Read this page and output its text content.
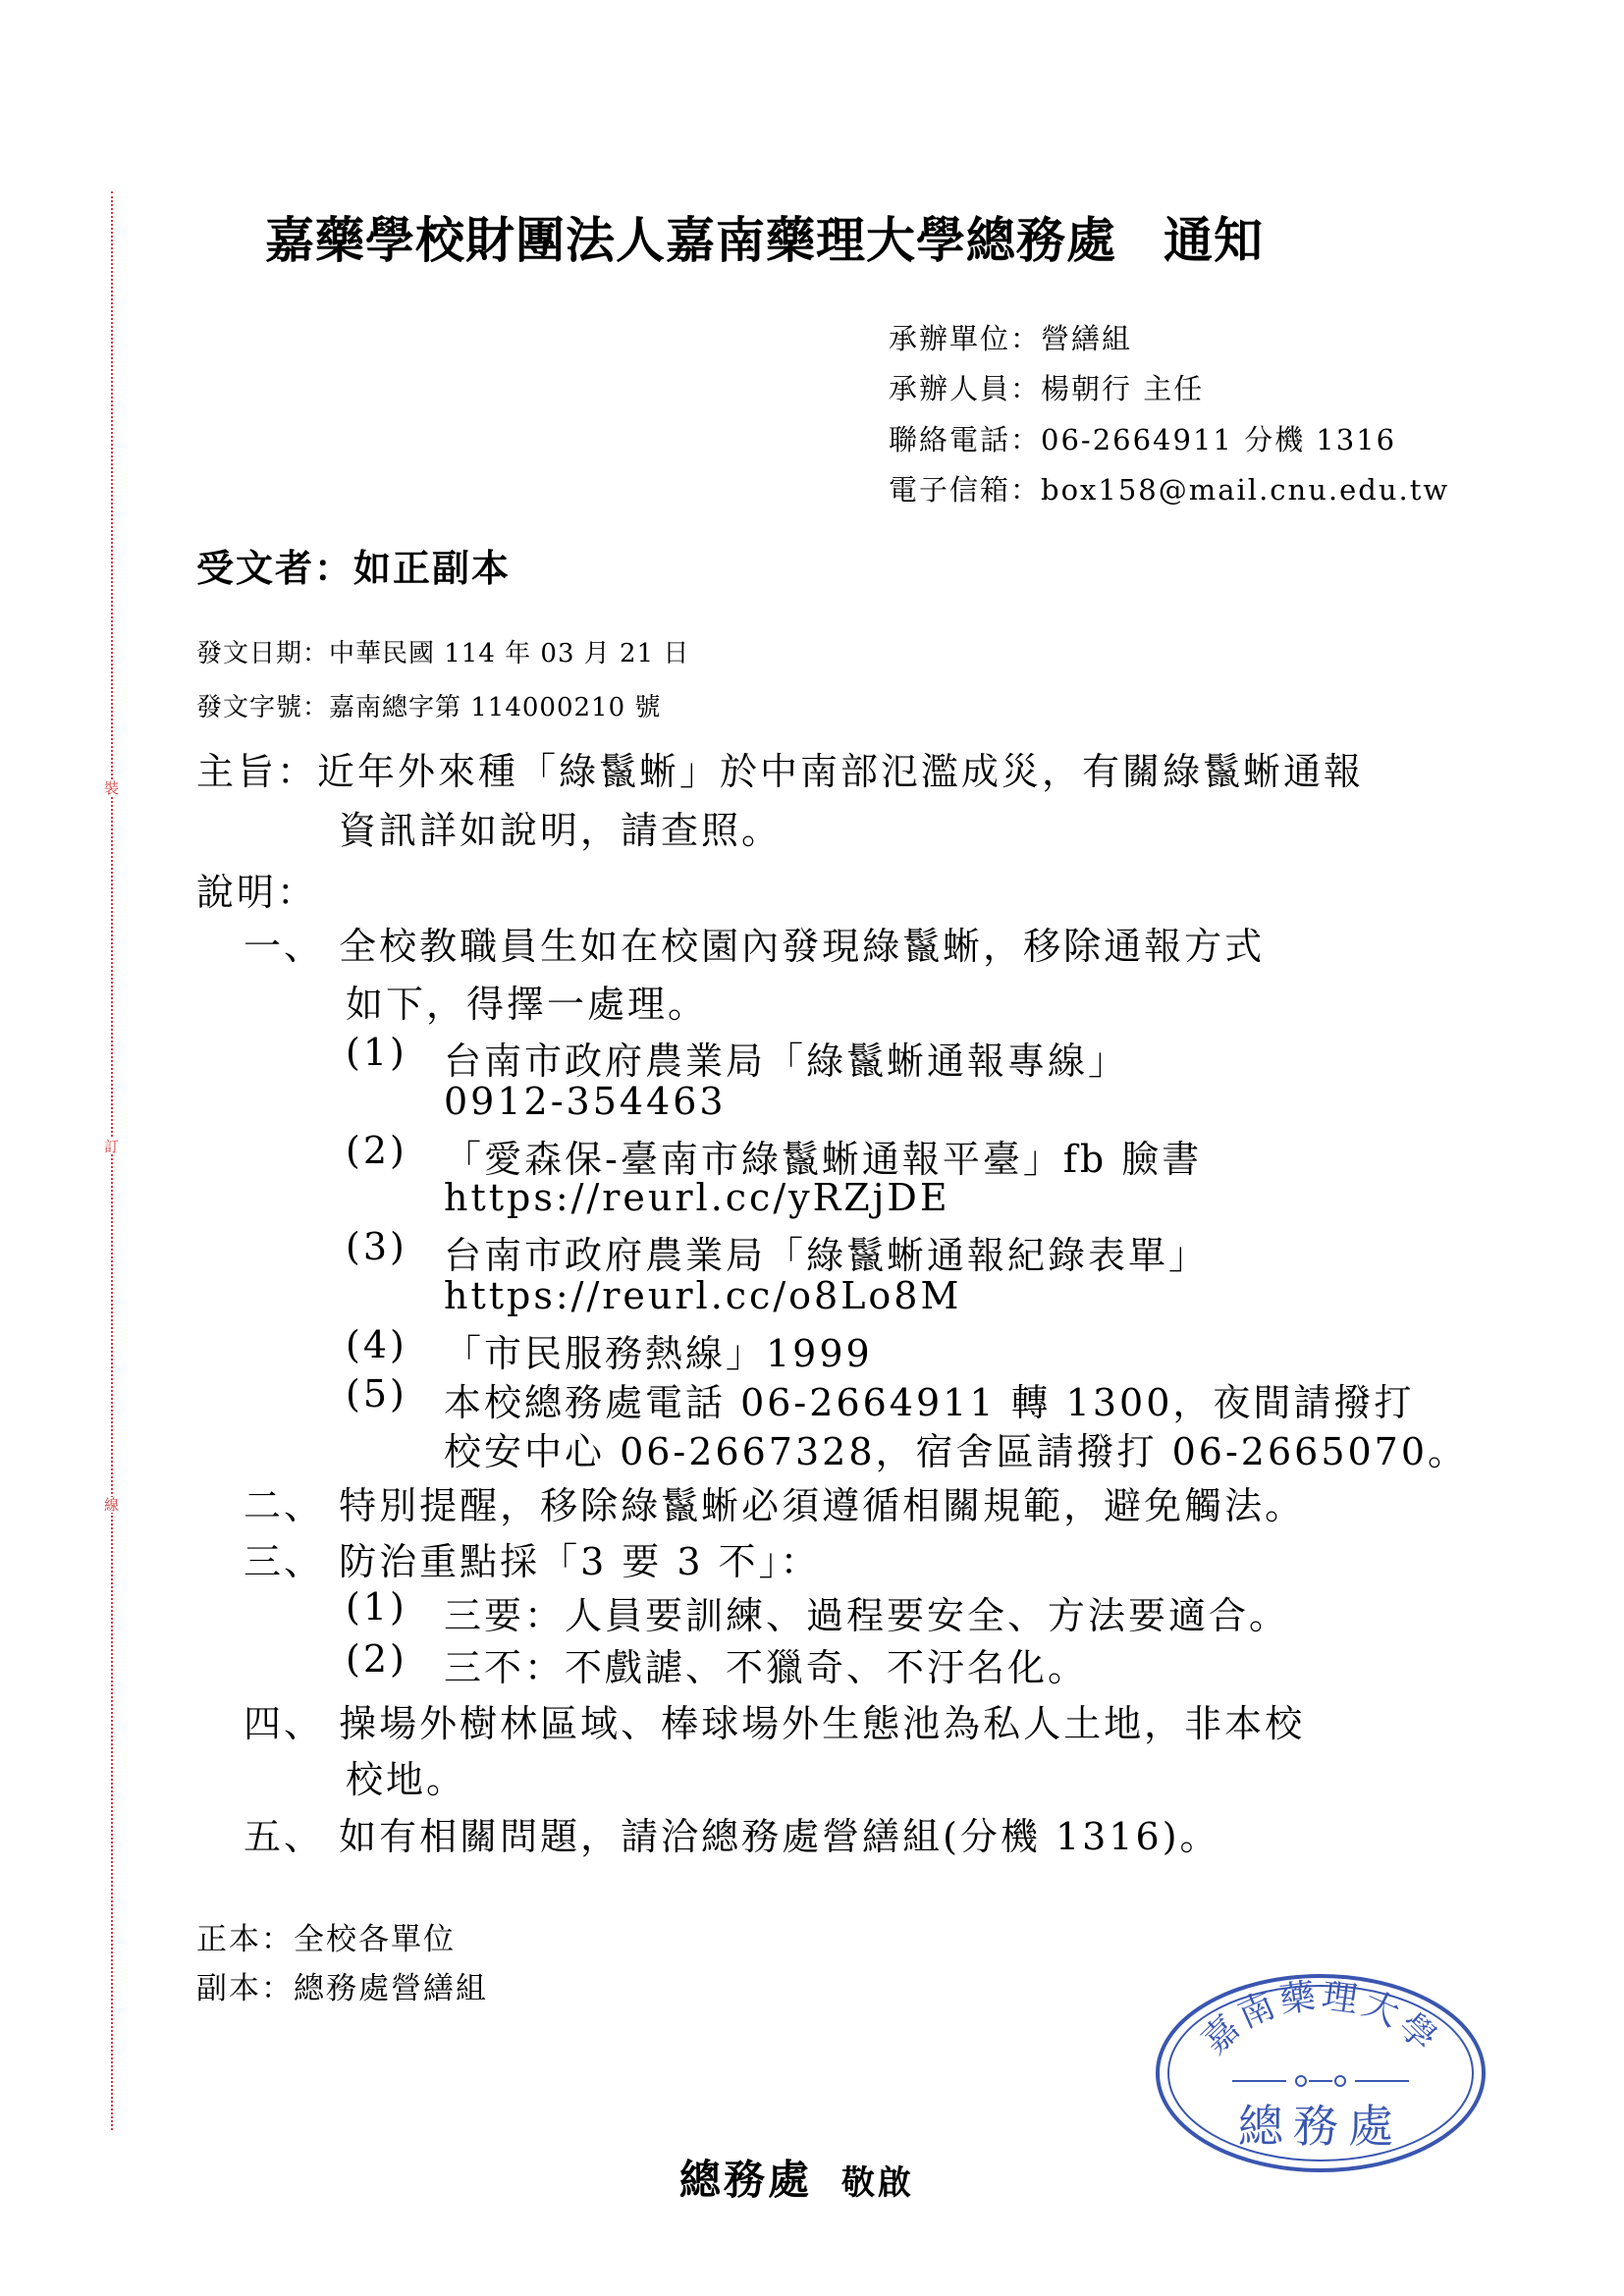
裝
訂
線
嘉藥學校財團法人嘉南藥理大學總務處 通知
承辦單位：營繕組
承辦人員：楊朝行 主任
聯絡電話：06-2664911 分機 1316
電子信箱：box158@mail.cnu.edu.tw
受文者：如正副本
發文日期：中華民國 114 年 03 月 21 日
發文字號：嘉南總字第 114000210 號
主旨：近年外來種「綠鬣蜥」於中南部氾濫成災，有關綠鬣蜥通報
資訊詳如說明，請查照。
說明：
一、 全校教職員生如在校園內發現綠鬣蜥，移除通報方式
如下，得擇一處理。
(1) 台南市政府農業局「綠鬣蜥通報專線」
0912-354463
(2) 「愛森保-臺南市綠鬣蜥通報平臺」fb 臉書
https://reurl.cc/yRZjDE
(3) 台南市政府農業局「綠鬣蜥通報紀錄表單」
https://reurl.cc/o8Lo8M
(4) 「市民服務熱線」1999
(5) 本校總務處電話 06-2664911 轉 1300，夜間請撥打
校安中心 06-2667328，宿舍區請撥打 06-2665070。
二、 特別提醒，移除綠鬣蜥必須遵循相關規範，避免觸法。
三、 防治重點採「3 要 3 不」：
(1) 三要：人員要訓練、過程要安全、方法要適合。
(2) 三不：不戲謔、不獵奇、不汙名化。
四、 操場外樹林區域、棒球場外生態池為私人土地，非本校
校地。
五、 如有相關問題，請洽總務處營繕組(分機 1316)。
正本：全校各單位
副本：總務處營繕組
嘉南藥理大學
總務處
總務處 敬啟
